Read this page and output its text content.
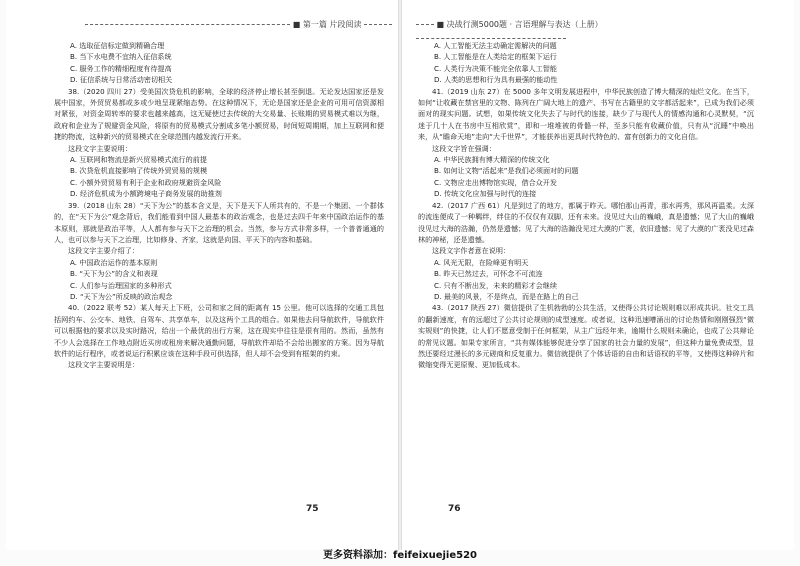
■ 第一篇 片段阅读

A. 选取征信标定做到精确合理

B. 当下水电费不宜纳入征信系统

C. 服务工作的精细程度有待提高

D. 征信系统与日常活动密切相关

38.（2020 四川 27）受美国次贷危机的影响，全球的经济停止增长甚至倒退。无论发达国家还是发展中国家，外贸贸易都或多或少地呈现紧缩态势。在这种情况下，无论是国家还是企业的可用可信资源相对紧张，对资金周转率的要求也越来越高，这无疑使过去传统的大交易量、长账期的贸易模式难以为继，政府和企业为了规避资金风险，将原有的贸易模式分割成多笔小额贸易，时间短周期期，加上互联网和便捷的物流，这种新兴的贸易模式在全球范围内越发流行开来。

这段文字主要说明：

A. 互联网和物流是新兴贸易模式流行的前提

B. 次贷危机直接影响了传统外贸贸易的规模

C. 小额外贸贸易有利于企业和政府规避资金风险

D. 经济危机成为小额跨境电子商务发展的助推剂

39.（2018 山东 28）“天下为公”的基本含义是，天下是天下人所共有的，不是一个集团、一个群体的，在“天下为公”观念背后，我们能看到中国人最基本的政治观念，也是过去四千年来中国政治运作的基本原则，那就是政治平等，人人都有参与天下之治理的机会。当然，参与方式非常多样，一个普普通通的人，也可以参与天下之治理，比如修身、齐家，这就是向国、平天下的内容和基础。

这段文字主要介绍了：

A. 中国政治运作的基本原则

B. “天下为公”的含义和表现

C. 人们参与治理国家的多种形式

D. “天下为公”所反映的政治观念

40.（2022 联考 52）某人每天上下班，公司和家之间的距离有 15 公里。他可以选择的交通工具包括网约车、公交车、地铁、自驾车、共享单车，以及这两个工具的组合。如果他去问导航软件，导航软件可以根据他的要求以及实时路况，给出一个最优的出行方案，这在现实中往往是很有用的。然而，虽然有不少人会选择在工作地点附近买房或租房来解决通勤问题，导航软件却给不会给出搬家的方案。因为导航软件的运行程序，或者说运行积累应该在这种手段可供选择，但人却不会受到有框架的约束。

这段文字主要说明是：

75
■ 决战行测5000题 · 言语理解与表达（上册）

A. 人工智能无法主动确定需解决的问题

B. 人工智能是在人类给定的框架下运行

C. 人类行为决策不能完全依靠人工智能

D. 人类的思想和行为具有最强的能动性

41.（2019 山东 27）在 5000 多年文明发展进程中，中华民族创造了博大精深的灿烂文化。在当下，如何“让收藏在禁宫里的文物、陈列在广阔大地上的遗产、书写在古籍里的文字都活起来”，已成为我们必须面对的现实问题。试想，如果传统文化失去了与时代的连接，缺少了与现代人的情感沟通和心灵默契，“沉迷于几十人在书房中互相欣赏”，即和一堆堆被的骨骼一样，至多只能有收藏价值，只有从“沉睡”中唤出来，从“瞻命天地”走向“大千世界”，才能获养出更具时代特色的、富有创新力的文化自信。

这段文字旨在强调：

A. 中华民族拥有博大精深的传统文化

B. 如何让文物“活起来”是我们必须面对的问题

C. 文物应走出博物馆实现，借合众开发

D. 传统文化应加强与时代的连接

42.（2017 广西 61）凡是到过了的地方，都属于昨天。哪怕那山再青，那水再秀，那风再温柔。太深的流连便成了一种羁绊，绊住的不仅仅有双脚，还有未来。没见过大山的巍峨，真是遗憾；见了大山的巍峨没见过大海的浩瀚，仍然是遗憾；见了大海的浩瀚没见过大漠的广袤，依旧遗憾；见了大漠的广袤没见过森林的神秘，还是遗憾。

这段文字作者意在说明：

A. 风光无限，在险峰更有明天

B. 昨天已然过去，可怀念不可流连

C. 只有不断出发，未来的精彩才会继续

D. 最美的风景，不是终点，而是在路上的自己

43.（2017 陕西 27）微信提供了生机勃勃的公共生活，又使得公共讨论规则难以形成共识。社交工具的翻新速度，有的远超过了公共讨论规则的成型速度。或者说，这种迅速嘈涌出的讨论热情和刚刚强烈“微实规则”的快捷，让人们不愿意受制于任何框架，从主广远经年来，逾期什么规则未确论，也成了公共辩论的常见议题。如果专家所言，“共有媒体能够促进分享了国家的社会力量的发展”，但这种力量免费成型，显然还要经过漫长的多元磋商和反复重力。微信就提供了个体话语的自由和话语权的平等，又使得这种碎片和微缩变得无更原聚、更加低成本。

76
更多资料添加：feifeixuejie520
